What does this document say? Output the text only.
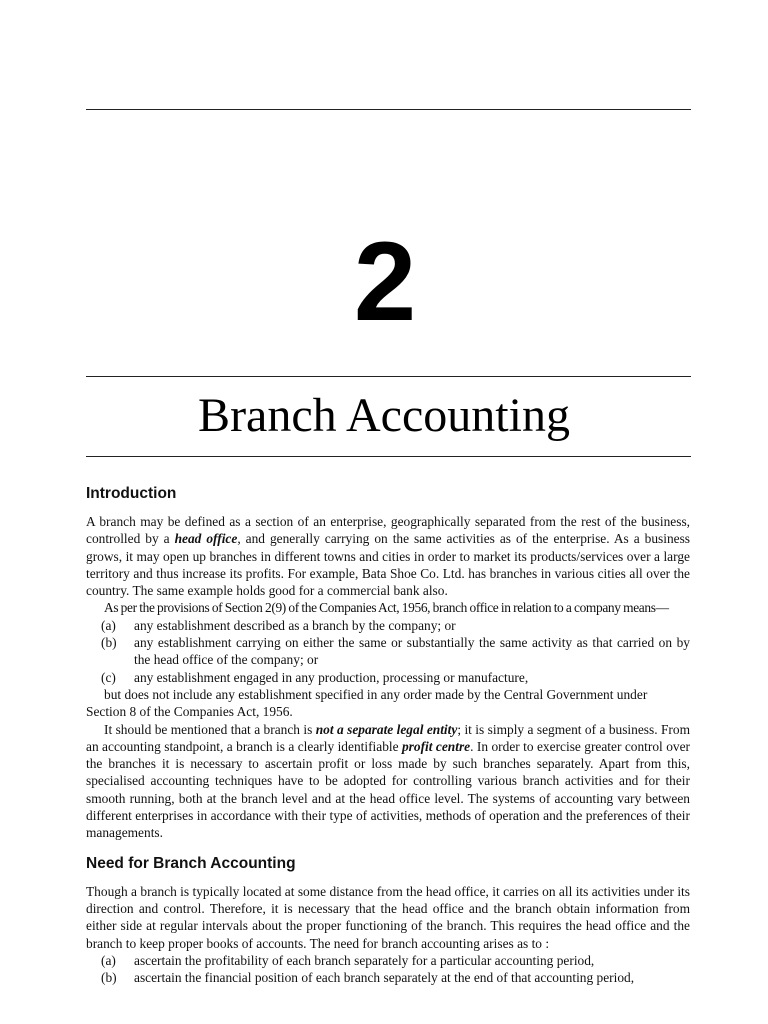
2
Branch Accounting
Introduction

A branch may be defined as a section of an enterprise, geographically separated from the rest of the business, controlled by a head office, and generally carrying on the same activities as of the enterprise. As a business grows, it may open up branches in different towns and cities in order to market its products/services over a large territory and thus increase its profits. For example, Bata Shoe Co. Ltd. has branches in various cities all over the country. The same example holds good for a commercial bank also.

As per the provisions of Section 2(9) of the Companies Act, 1956, branch office in relation to a company means—

(a) any establishment described as a branch by the company; or
(b) any establishment carrying on either the same or substantially the same activity as that carried on by the head office of the company; or
(c) any establishment engaged in any production, processing or manufacture,

but does not include any establishment specified in any order made by the Central Government under Section 8 of the Companies Act, 1956.

It should be mentioned that a branch is not a separate legal entity; it is simply a segment of a business. From an accounting standpoint, a branch is a clearly identifiable profit centre. In order to exercise greater control over the branches it is necessary to ascertain profit or loss made by such branches separately. Apart from this, specialised accounting techniques have to be adopted for controlling various branch activities and for their smooth running, both at the branch level and at the head office level. The systems of accounting vary between different enterprises in accordance with their type of activities, methods of operation and the preferences of their managements.

Need for Branch Accounting

Though a branch is typically located at some distance from the head office, it carries on all its activities under its direction and control. Therefore, it is necessary that the head office and the branch obtain information from either side at regular intervals about the proper functioning of the branch. This requires the head office and the branch to keep proper books of accounts. The need for branch accounting arises as to :

(a) ascertain the profitability of each branch separately for a particular accounting period,
(b) ascertain the financial position of each branch separately at the end of that accounting period,
